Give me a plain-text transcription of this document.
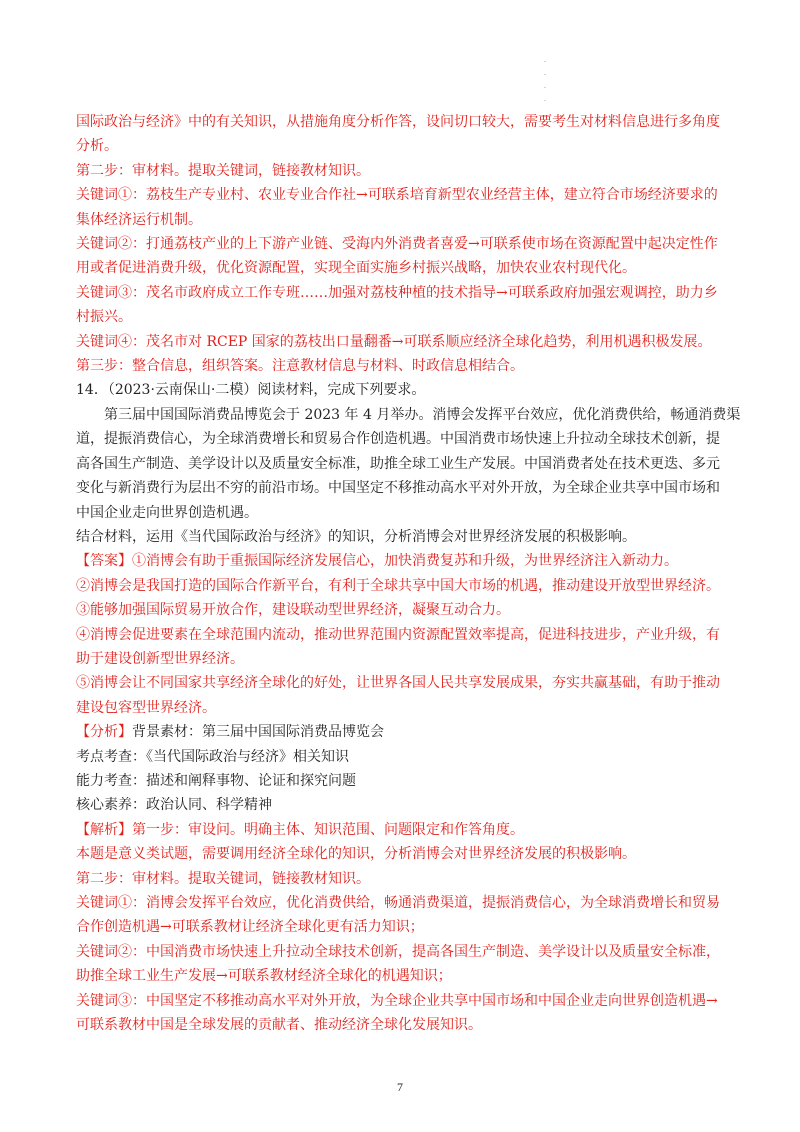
.
.
.
.
国际政治与经济》中的有关知识，从措施角度分析作答，设问切口较大，需要考生对材料信息进行多角度
分析。
第二步：审材料。提取关键词，链接教材知识。
关键词①：荔枝生产专业村、农业专业合作社→可联系培育新型农业经营主体，建立符合市场经济要求的
集体经济运行机制。
关键词②：打通荔枝产业的上下游产业链、受海内外消费者喜爱→可联系使市场在资源配置中起决定性作
用或者促进消费升级，优化资源配置，实现全面实施乡村振兴战略，加快农业农村现代化。
关键词③：茂名市政府成立工作专班……加强对荔枝种植的技术指导→可联系政府加强宏观调控，助力乡
村振兴。
关键词④：茂名市对 RCEP 国家的荔枝出口量翻番→可联系顺应经济全球化趋势，利用机遇积极发展。
第三步：整合信息，组织答案。注意教材信息与材料、时政信息相结合。
14．（2023·云南保山·二模）阅读材料，完成下列要求。
第三届中国国际消费品博览会于 2023 年 4 月举办。消博会发挥平台效应，优化消费供给，畅通消费渠
道，提振消费信心，为全球消费增长和贸易合作创造机遇。中国消费市场快速上升拉动全球技术创新，提
高各国生产制造、美学设计以及质量安全标准，助推全球工业生产发展。中国消费者处在技术更迭、多元
变化与新消费行为层出不穷的前沿市场。中国坚定不移推动高水平对外开放，为全球企业共享中国市场和
中国企业走向世界创造机遇。
结合材料，运用《当代国际政治与经济》的知识，分析消博会对世界经济发展的积极影响。
【答案】①消博会有助于重振国际经济发展信心，加快消费复苏和升级，为世界经济注入新动力。
②消博会是我国打造的国际合作新平台，有利于全球共享中国大市场的机遇，推动建设开放型世界经济。
③能够加强国际贸易开放合作，建设联动型世界经济，凝聚互动合力。
④消博会促进要素在全球范围内流动，推动世界范围内资源配置效率提高，促进科技进步，产业升级，有
助于建设创新型世界经济。
⑤消博会让不同国家共享经济全球化的好处，让世界各国人民共享发展成果，夯实共赢基础，有助于推动
建设包容型世界经济。
【分析】背景素材：第三届中国国际消费品博览会
考点考查：《当代国际政治与经济》相关知识
能力考查：描述和阐释事物、论证和探究问题
核心素养：政治认同、科学精神
【解析】第一步：审设问。明确主体、知识范围、问题限定和作答角度。
本题是意义类试题，需要调用经济全球化的知识，分析消博会对世界经济发展的积极影响。
第二步：审材料。提取关键词，链接教材知识。
关键词①：消博会发挥平台效应，优化消费供给，畅通消费渠道，提振消费信心，为全球消费增长和贸易
合作创造机遇→可联系教材让经济全球化更有活力知识；
关键词②：中国消费市场快速上升拉动全球技术创新，提高各国生产制造、美学设计以及质量安全标准，
助推全球工业生产发展→可联系教材经济全球化的机遇知识；
关键词③：中国坚定不移推动高水平对外开放，为全球企业共享中国市场和中国企业走向世界创造机遇→
可联系教材中国是全球发展的贡献者、推动经济全球化发展知识。
7
